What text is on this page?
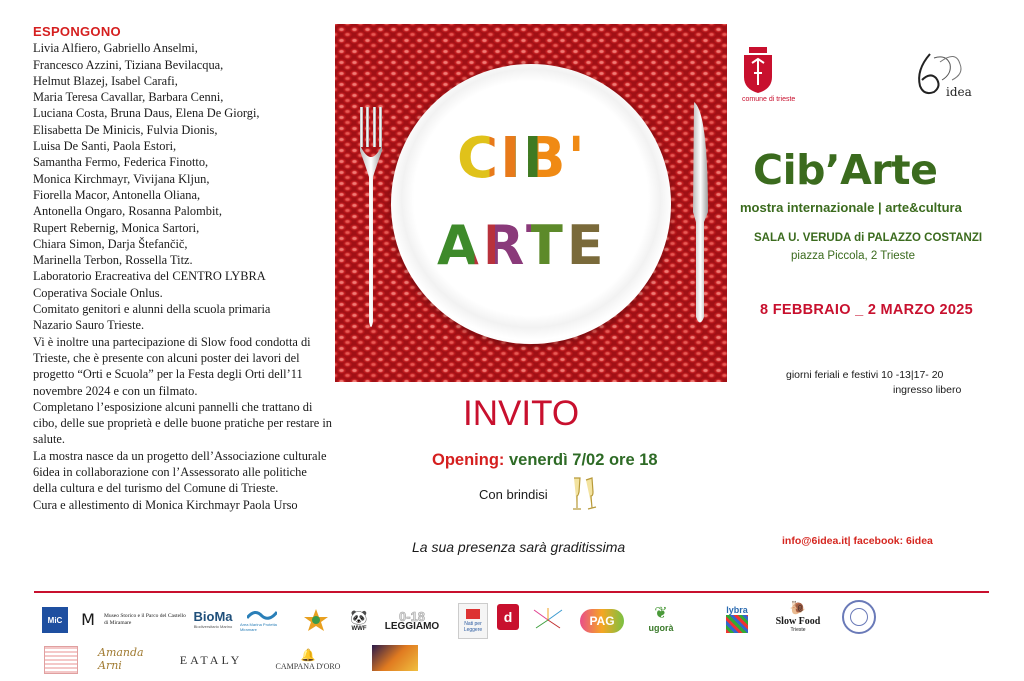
ESPONGONO
Livia Alfiero, Gabriello Anselmi,
Francesco Azzini, Tiziana Bevilacqua,
Helmut Blazej, Isabel Carafi,
Maria Teresa Cavallar, Barbara Cenni,
Luciana Costa, Bruna Daus, Elena De Giorgi,
Elisabetta De Minicis, Fulvia Dionis,
Luisa De Santi, Paola Estori,
Samantha Fermo, Federica Finotto,
Monica Kirchmayr, Vivijana Kljun,
Fiorella Macor, Antonella Oliana,
Antonella Ongaro, Rosanna Palombit,
Rupert Rebernig, Monica Sartori,
Chiara Simon, Darja Štefančič,
Marinella Terbon, Rossella Titz.
Laboratorio Eracreativa del CENTRO LYBRA
Coperativa Sociale Onlus.
Comitato genitori e alunni della scuola primaria
Nazario Sauro Trieste.
Vi è inoltre una partecipazione di Slow food condotta di Trieste, che è presente con alcuni poster dei lavori del progetto “Orti e Scuola” per la Festa degli Orti dell’11 novembre 2024 e con un filmato.
Completano l’esposizione alcuni pannelli che trattano di cibo, delle sue proprietà e delle buone pratiche per restare in salute.
La mostra nasce da un progetto dell’Associazione culturale 6idea in collaborazione con l’Assessorato alle politiche della cultura e del turismo del Comune di Trieste.
Cura e allestimento di Monica Kirchmayr Paola Urso
CIB'
ARTE
comune di trieste
idea
Cib’Arte
mostra internazionale | arte&cultura
SALA U. VERUDA di PALAZZO COSTANZI
piazza Piccola, 2 Trieste
8 FEBBRAIO _ 2 MARZO 2025
giorni feriali e festivi 10 -13|17- 20
ingresso libero
info@6idea.it| facebook: 6idea
INVITO
Opening: venerdì 7/02 ore 18
Con brindisi
La sua presenza sarà graditissima
MiC	Ⅿ	Museo Storico e il Parco del Castello di Miramare	BioMa
Biodiversitario Marino Area Marina Protetta Miramare
🐼
WWF
0-18
LEGGIAMO	Nati per Leggere
d	PAG	❦
ugorà
lybra	🐌
Slow Food
Trieste
Amanda Arni	EATALY	🔔
CAMPANA D'ORO
